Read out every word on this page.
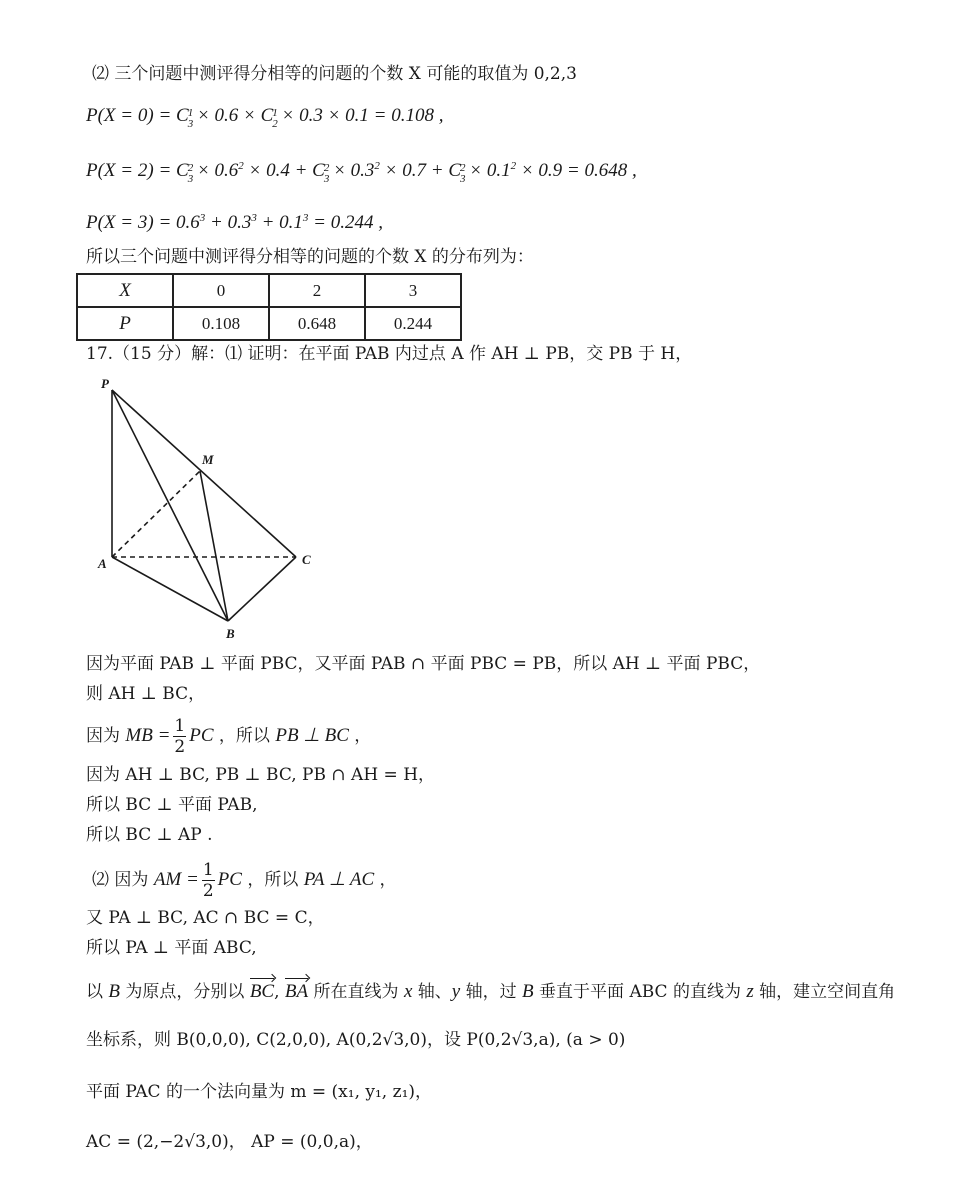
⑵ 三个问题中测评得分相等的问题的个数 X 可能的取值为 0,2,3
P(X = 0) = C 1
3 × 0.6 × C 1
2 × 0.3 × 0.1 = 0.108 ,
P(X = 2) = C 2
$3 \times 0.6^2 \times 0.4 + C$ 2
$3 \times 0.3^2 \times 0.7 + C$ 2
$3 \times 0.1^2 \times 0.9 = 0.648$ ,
$P(X = 3) = 0.6^3 + 0.3^3 + 0.1^3 = 0.244$ ,
所以三个问题中测评得分相等的问题的个数 X 的分布列为：
X	0	2	3
P	0.108	0.648	0.244
17.（15 分）解：⑴ 证明：在平面 PAB 内过点 A 作 AH ⊥ PB，交 PB 于 H，
P
M
A	C
B
因为平面 PAB ⊥ 平面 PBC，又平面 PAB ∩ 平面 PBC = PB，所以 AH ⊥ 平面 PBC，
则 AH ⊥ BC，
因为 MB = $\frac{1}{2}$ PC ，所以 PB ⊥ BC ，
因为 AH ⊥ BC, PB ⊥ BC, PB ∩ AH = H，
所以 BC ⊥ 平面 PAB,
所以 BC ⊥ AP .
⑵ 因为 AM = $\frac{1}{2}$ PC ，所以 PA ⊥ AC ，
又 PA ⊥ BC, AC ∩ BC = C，
所以 PA ⊥ 平面 ABC,
以 B 为原点，分别以 BC, BA 所在直线为 x 轴、y 轴，过 B 垂直于平面 ABC 的直线为 z 轴，建立空间直角
坐标系，则 B(0,0,0), C(2,0,0), A(0,2√3,0)，设 P(0,2√3,a), (a > 0)
平面 PAC 的一个法向量为 m = (x₁, y₁, z₁)，
AC = (2,−2√3,0)， AP = (0,0,a)，
